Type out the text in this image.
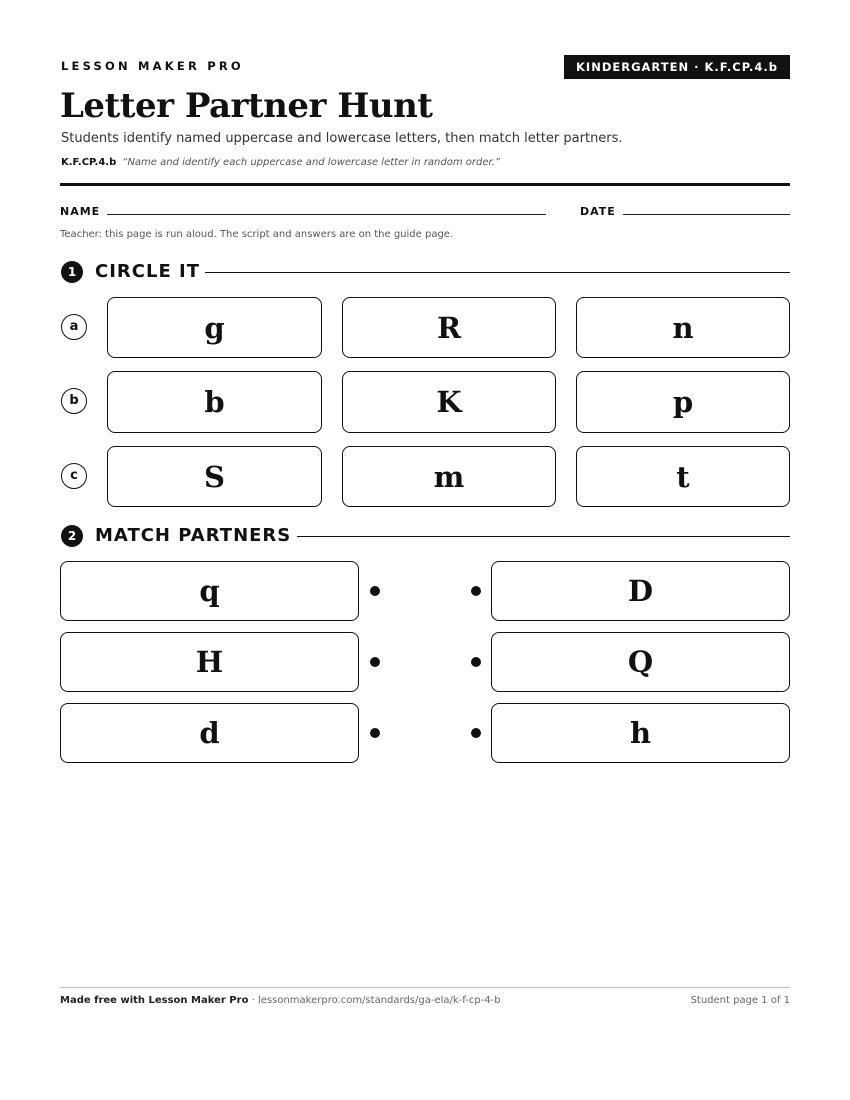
LESSON MAKER PRO	KINDERGARTEN · K.F.CP.4.b
Letter Partner Hunt
Students identify named uppercase and lowercase letters, then match letter partners.
K.F.CP.4.b “Name and identify each uppercase and lowercase letter in random order.”
NAME	DATE
Teacher: this page is run aloud. The script and answers are on the guide page.
1	CIRCLE IT
a	g	R	n
b	b	K	p
c	S	m	t
2	MATCH PARTNERS
q	D
H	Q
d	h
Made free with Lesson Maker Pro · lessonmakerpro.com/standards/ga-ela/k-f-cp-4-b	Student page 1 of 1
